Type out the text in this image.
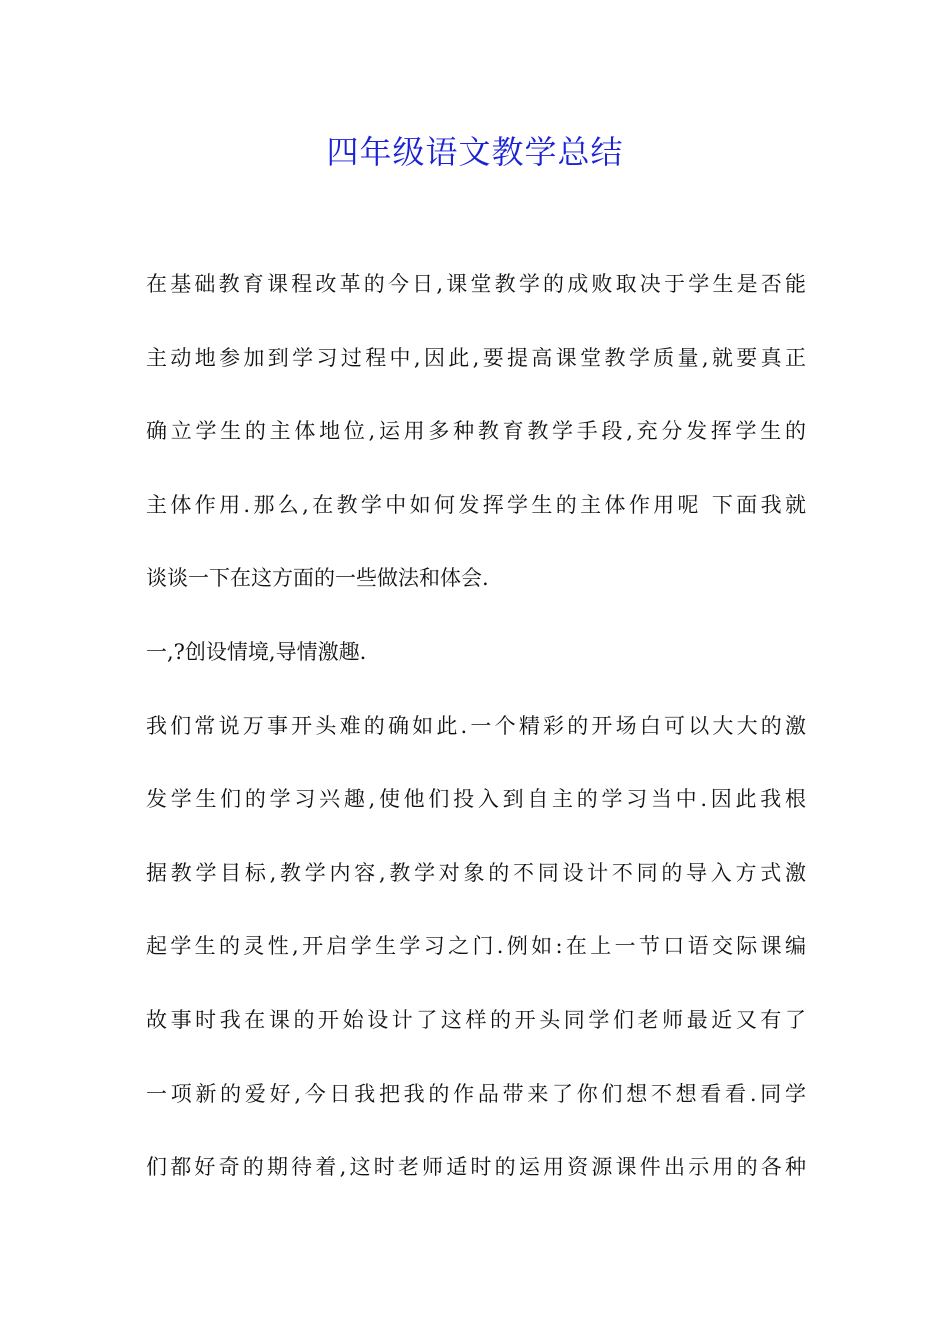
四年级语文教学总结
在基础教育课程改革的今日,课堂教学的成败取决于学生是否能
主动地参加到学习过程中,因此,要提高课堂教学质量,就要真正
确立学生的主体地位,运用多种教育教学手段,充分发挥学生的
主体作用.那么,在教学中如何发挥学生的主体作用呢 下面我就
谈谈一下在这方面的一些做法和体会.
一,?创设情境,导情激趣.
我们常说万事开头难的确如此.一个精彩的开场白可以大大的激
发学生们的学习兴趣,使他们投入到自主的学习当中.因此我根
据教学目标,教学内容,教学对象的不同设计不同的导入方式激
起学生的灵性,开启学生学习之门.例如:在上一节口语交际课编
故事时我在课的开始设计了这样的开头同学们老师最近又有了
一项新的爱好,今日我把我的作品带来了你们想不想看看.同学
们都好奇的期待着,这时老师适时的运用资源课件出示用的各种
